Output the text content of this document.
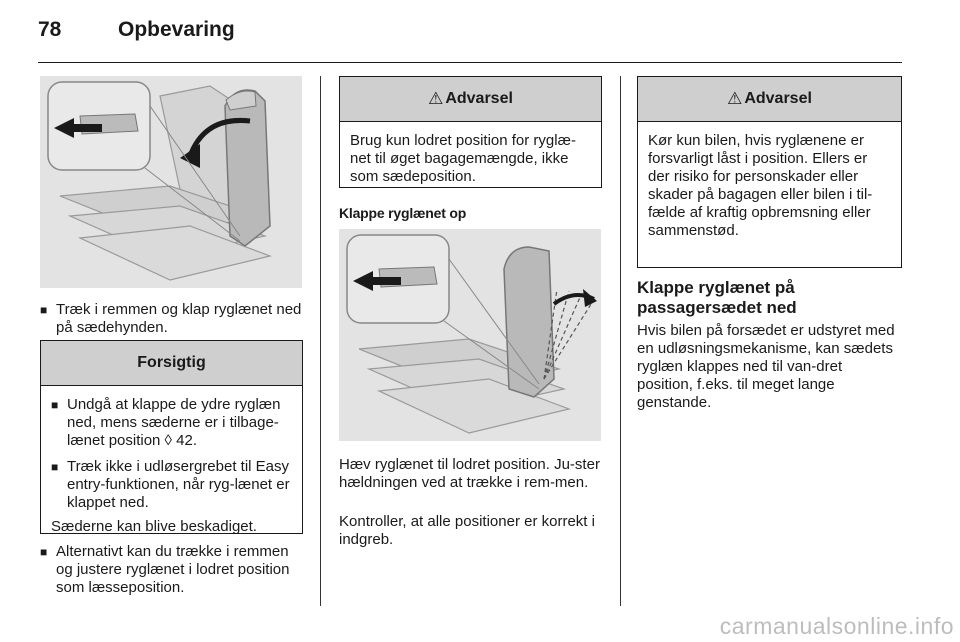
78	Opbevaring
■ Træk i remmen og klap ryglænet ned på sædehynden.

Forsigtig
■ Undgå at klappe de ydre ryglæn ned, mens sæderne er i tilbage-lænet position ◊ 42.

■ Træk ikke i udløsergrebet til Easy entry-funktionen, når ryg-lænet er klappet ned.

Sæderne kan blive beskadiget.

■ Alternativt kan du trække i remmen og justere ryglænet i lodret position som læsseposition.

⚠ Advarsel

Brug kun lodret position for ryglæ-net til øget bagagemængde, ikke som sædeposition.

Klappe ryglænet op
Hæv ryglænet til lodret position. Ju-ster hældningen ved at trække i rem-men.
Kontroller, at alle positioner er korrekt i indgreb.
⚠ Advarsel

Kør kun bilen, hvis ryglænene er forsvarligt låst i position. Ellers er der risiko for personskader eller skader på bagagen eller bilen i til-fælde af kraftig opbremsning eller sammenstød.

Klappe ryglænet på passagersædet ned
Hvis bilen på forsædet er udstyret med en udløsningsmekanisme, kan sædets ryglæn klappes ned til van-dret position, f.eks. til meget lange genstande.
carmanualsonline.info
